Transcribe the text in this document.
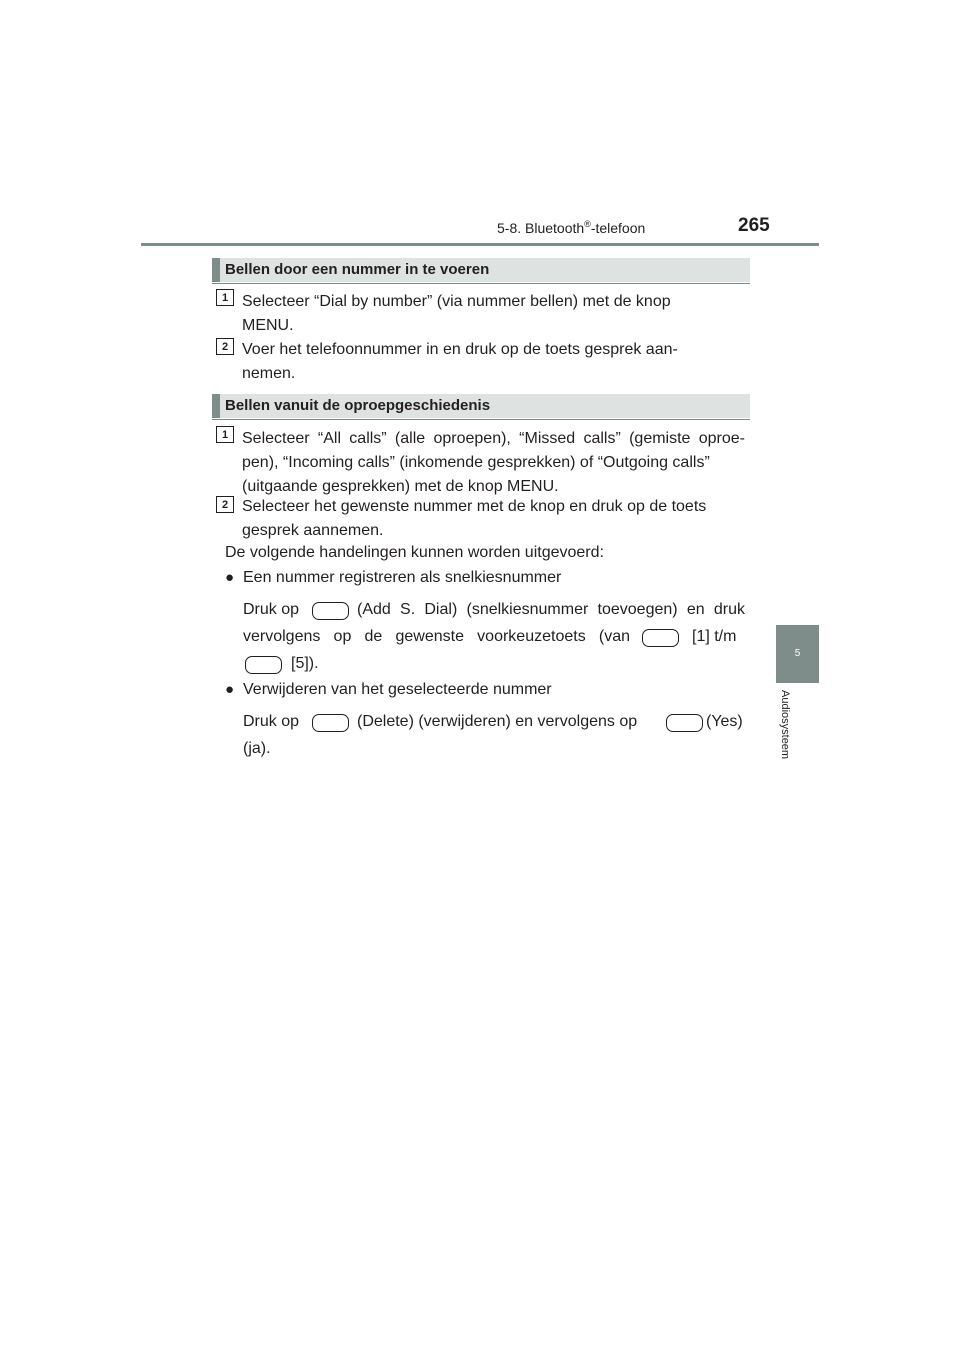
5-8. Bluetooth®-telefoon	265
5
Audiosysteem
Bellen door een nummer in te voeren
1 Selecteer “Dial by number” (via nummer bellen) met de knop
MENU.
2 Voer het telefoonnummer in en druk op de toets gesprek aan-
nemen.
Bellen vanuit de oproepgeschiedenis
1 Selecteer “All calls” (alle oproepen), “Missed calls” (gemiste oproe- pen), “Incoming calls” (inkomende gesprekken) of “Outgoing calls”
(uitgaande gesprekken) met de knop MENU.
2 Selecteer het gewenste nummer met de knop en druk op de toets
gesprek aannemen.
De volgende handelingen kunnen worden uitgevoerd:
● Een nummer registreren als snelkiesnummer
Druk op	(Add S. Dial) (snelkiesnummer toevoegen) en druk
vervolgens op de gewenste voorkeuzetoets (van	[1] t/m
[5]).
● Verwijderen van het geselecteerde nummer
Druk op	(Delete) (verwijderen) en vervolgens op	(Yes)
(ja).
